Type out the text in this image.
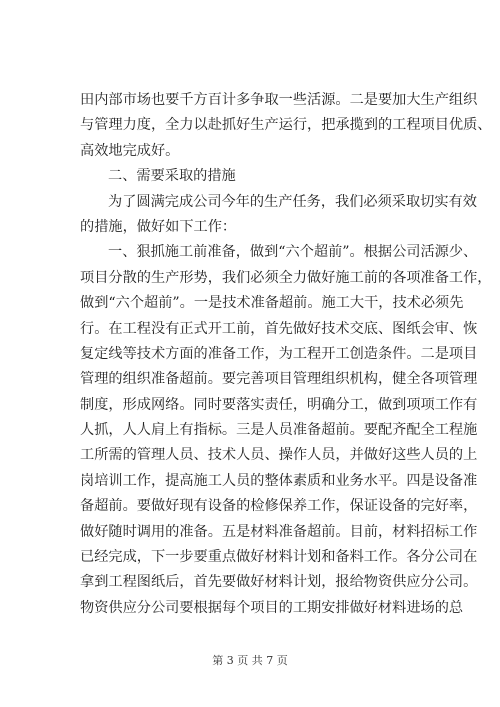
田内部市场也要千方百计多争取一些活源。二是要加大生产组织
与管理力度，全力以赴抓好生产运行，把承揽到的工程项目优质、
高效地完成好。
二、需要采取的措施
为了圆满完成公司今年的生产任务，我们必须采取切实有效
的措施，做好如下工作：
一、狠抓施工前准备，做到“六个超前”。根据公司活源少、
项目分散的生产形势，我们必须全力做好施工前的各项准备工作，
做到“六个超前”。一是技术准备超前。施工大干，技术必须先
行。在工程没有正式开工前，首先做好技术交底、图纸会审、恢
复定线等技术方面的准备工作，为工程开工创造条件。二是项目
管理的组织准备超前。要完善项目管理组织机构，健全各项管理
制度，形成网络。同时要落实责任，明确分工，做到项项工作有
人抓，人人肩上有指标。三是人员准备超前。要配齐配全工程施
工所需的管理人员、技术人员、操作人员，并做好这些人员的上
岗培训工作，提高施工人员的整体素质和业务水平。四是设备准
备超前。要做好现有设备的检修保养工作，保证设备的完好率，
做好随时调用的准备。五是材料准备超前。目前，材料招标工作
已经完成，下一步要重点做好材料计划和备料工作。各分公司在
拿到工程图纸后，首先要做好材料计划，报给物资供应分公司。
物资供应分公司要根据每个项目的工期安排做好材料进场的总
第 3 页 共 7 页
